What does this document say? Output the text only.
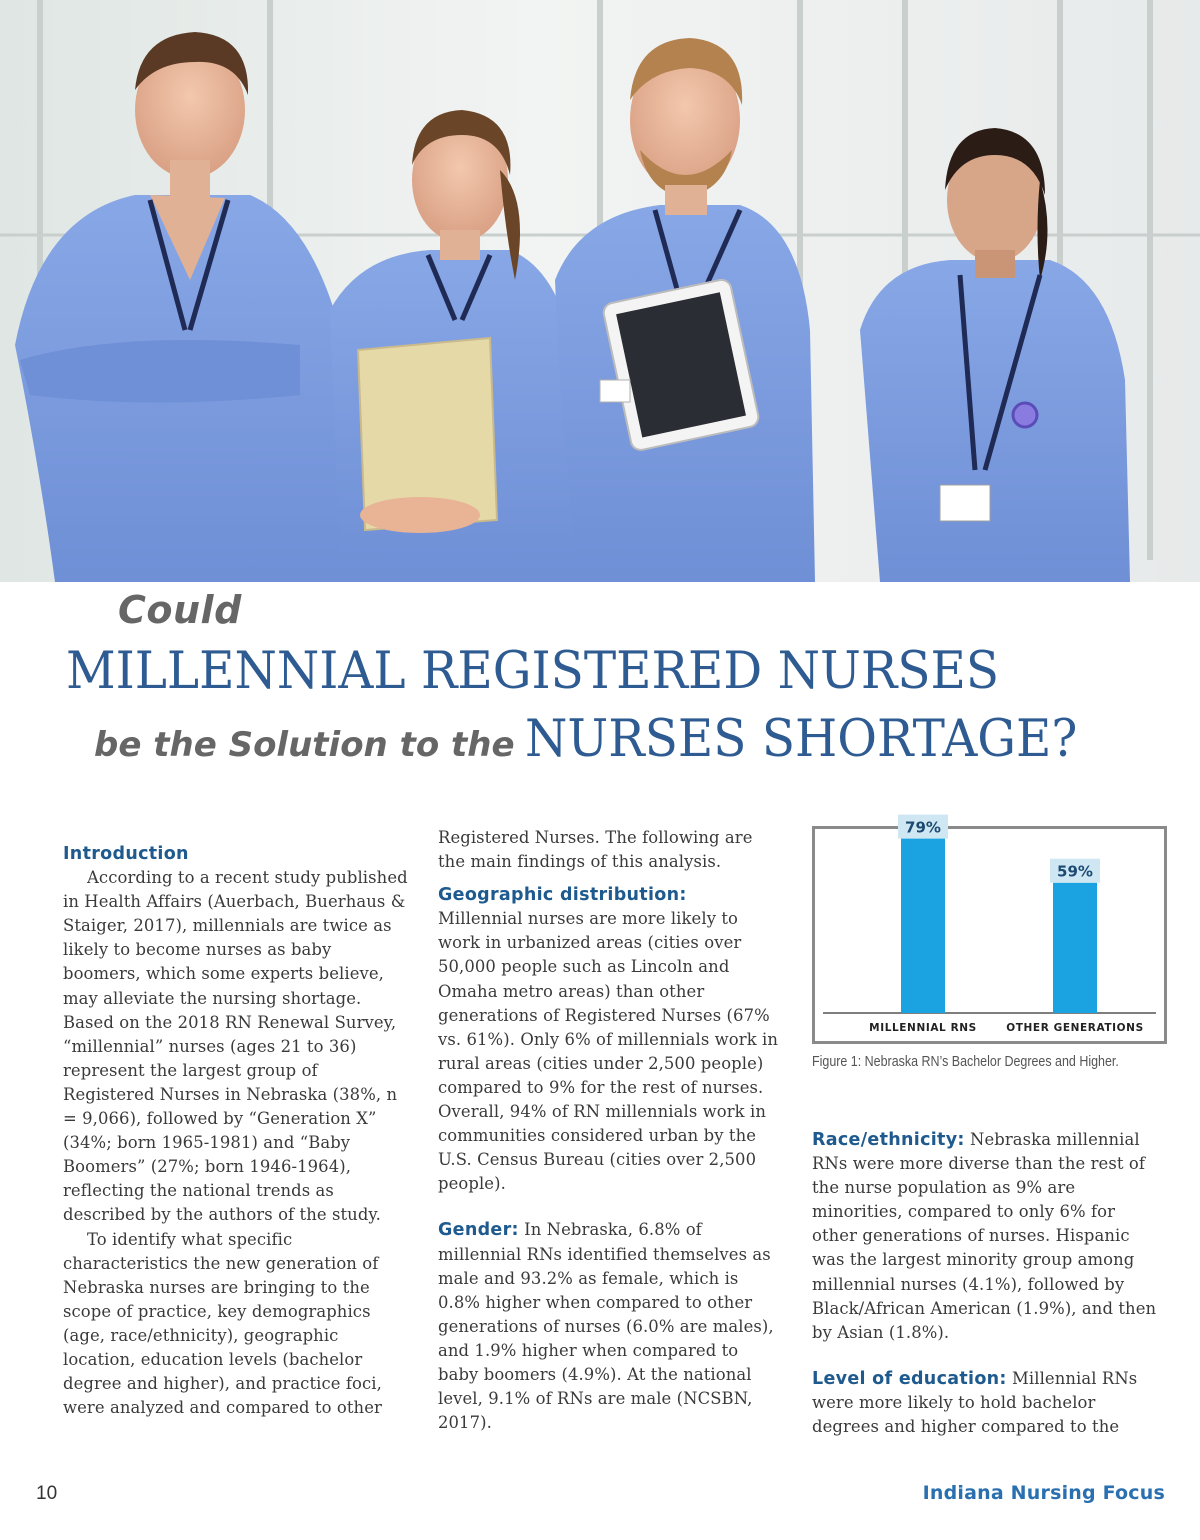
Could
MILLENNIAL REGISTERED NURSES
be the Solution to the NURSES SHORTAGE?
Introduction

According to a recent study published in Health Affairs (Auerbach, Buerhaus & Staiger, 2017), millennials are twice as likely to become nurses as baby boomers, which some experts believe, may alleviate the nursing shortage. Based on the 2018 RN Renewal Survey, “millennial” nurses (ages 21 to 36) represent the largest group of Registered Nurses in Nebraska (38%, n = 9,066), followed by “Generation X” (34%; born 1965-1981) and “Baby Boomers” (27%; born 1946-1964), reflecting the national trends as described by the authors of the study.

To identify what specific characteristics the new generation of Nebraska nurses are bringing to the scope of practice, key demographics (age, race/ethnicity), geographic location, education levels (bachelor degree and higher), and practice foci, were analyzed and compared to other

Registered Nurses. The following are the main findings of this analysis.

Geographic distribution:

Millennial nurses are more likely to work in urbanized areas (cities over 50,000 people such as Lincoln and Omaha metro areas) than other generations of Registered Nurses (67% vs. 61%). Only 6% of millennials work in rural areas (cities under 2,500 people) compared to 9% for the rest of nurses. Overall, 94% of RN millennials work in communities considered urban by the U.S. Census Bureau (cities over 2,500 people).

Gender: In Nebraska, 6.8% of millennial RNs identified themselves as male and 93.2% as female, which is 0.8% higher when compared to other generations of nurses (6.0% are males), and 1.9% higher when compared to baby boomers (4.9%). At the national level, 9.1% of RNs are male (NCSBN, 2017).

79%
MILLENNIAL RNS
59%
OTHER GENERATIONS
Figure 1: Nebraska RN’s Bachelor Degrees and Higher.

Race/ethnicity: Nebraska millennial RNs were more diverse than the rest of the nurse population as 9% are minorities, compared to only 6% for other generations of nurses. Hispanic was the largest minority group among millennial nurses (4.1%), followed by Black/African American (1.9%), and then by Asian (1.8%).

Level of education: Millennial RNs were more likely to hold bachelor degrees and higher compared to the

10	Indiana Nursing Focus
